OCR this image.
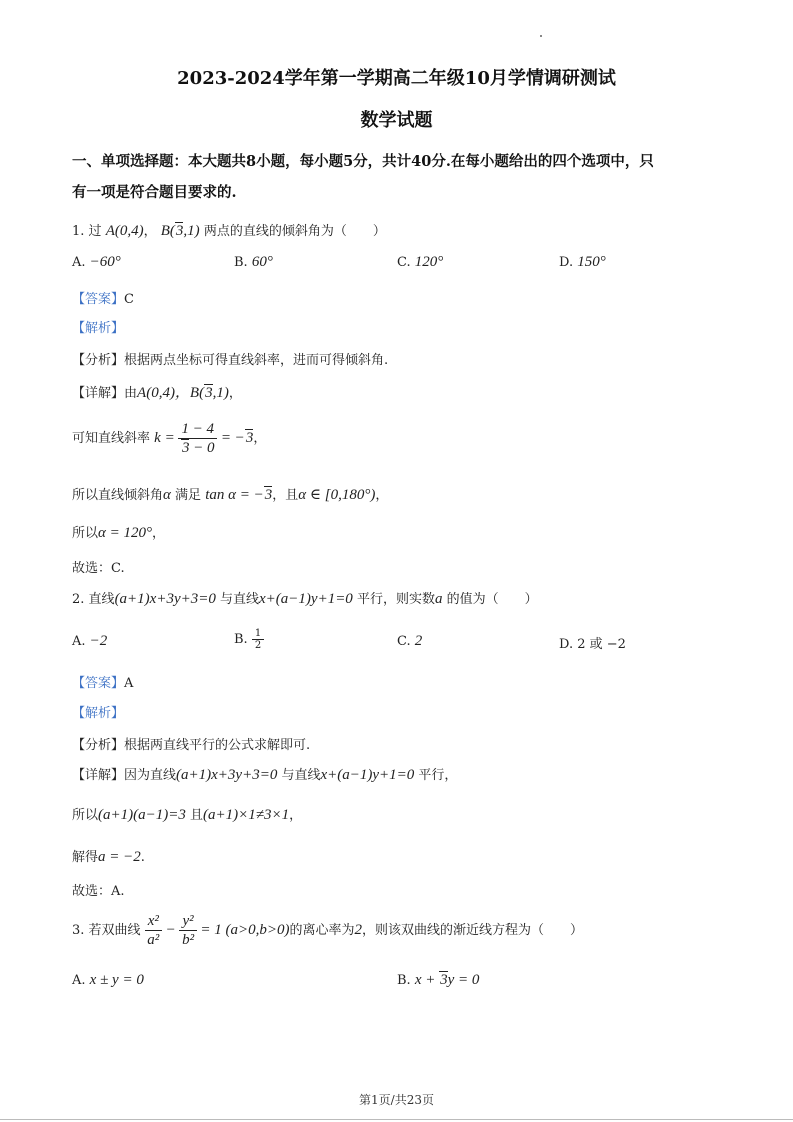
2023-2024学年第一学期高二年级10月学情调研测试
数学试题
一、单项选择题：本大题共8小题，每小题5分，共计40分.在每小题给出的四个选项中，只
有一项是符合题目要求的.
1. 过 A(0,4)， B(3,1) 两点的直线的倾斜角为（　　）
A. −60°	B. 60°	C. 120°	D. 150°
【答案】C
【解析】
【分析】根据两点坐标可得直线斜率，进而可得倾斜角.
【详解】由A(0,4)，B(3,1)，
可知直线斜率 $k = \frac{1 - 4}{3 - 0} = -3$，
所以直线倾斜角α 满足 tan α = −3，且α ∈ [0,180°)，
所以α = 120°，
故选：C.
2. 直线(a+1)x+3y+3=0 与直线x+(a−1)y+1=0 平行，则实数a 的值为（　　）
A. −2	B. $\frac{1}{2}$	C. 2	D. 2 或 −2
【答案】A
【解析】
【分析】根据两直线平行的公式求解即可.
【详解】因为直线(a+1)x+3y+3=0 与直线x+(a−1)y+1=0 平行，
所以(a+1)(a−1)=3 且(a+1)×1≠3×1，
解得a = −2.
故选：A.
3. 若双曲线 $\frac{\text{x²}}{\text{a²}} - \frac{\text{y²}}{\text{b²}} = 1$ (a>0,b>0)的离心率为2，则该双曲线的渐近线方程为（　　）
A. x ± y = 0	B. x + 3y = 0
第1页/共23页
